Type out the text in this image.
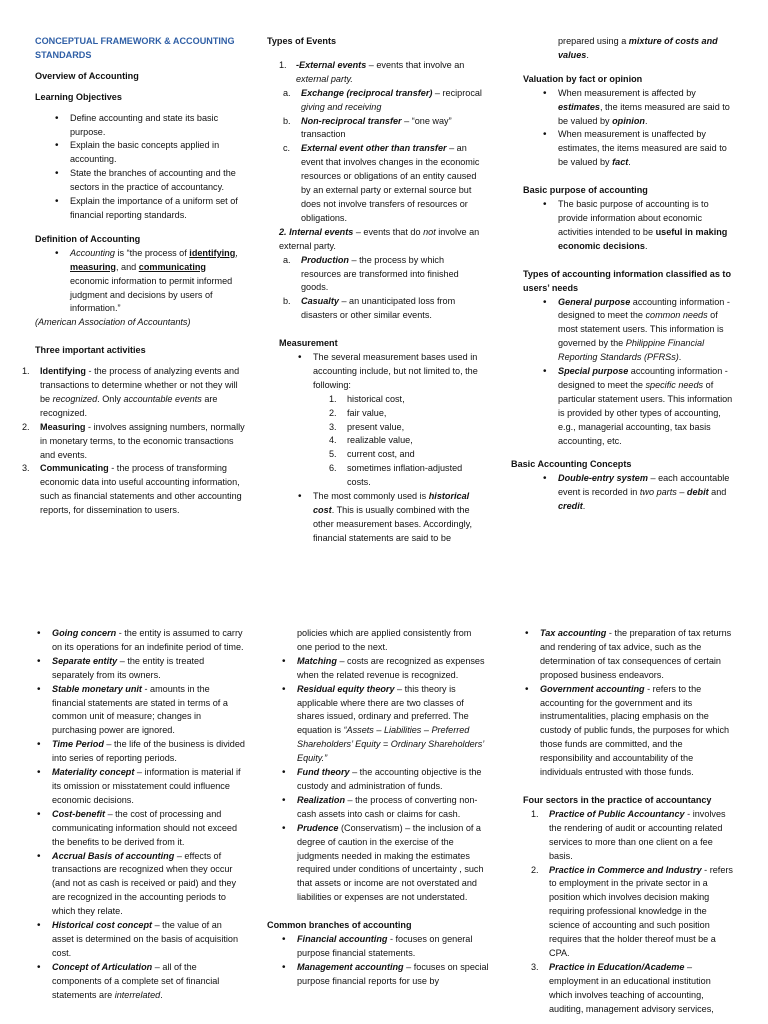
CONCEPTUAL FRAMEWORK & ACCOUNTING
STANDARDS
Overview of Accounting
Learning Objectives
• Define accounting and state its basic purpose.
• Explain the basic concepts applied in accounting.
• State the branches of accounting and the sectors in the practice of accountancy.
• Explain the importance of a uniform set of financial reporting standards.
Definition of Accounting
• Accounting is “the process of identifying, measuring, and communicating economic information to permit informed judgment and decisions by users of information.”
(American Association of Accountants)
Three important activities
1. Identifying - the process of analyzing events and transactions to determine whether or not they will be recognized. Only accountable events are recognized.
2. Measuring - involves assigning numbers, normally in monetary terms, to the economic transactions and events.
3. Communicating - the process of transforming economic data into useful accounting information, such as financial statements and other accounting reports, for dissemination to users.
Types of Events
1. -External events – events that involve an external party.
a. Exchange (reciprocal transfer) – reciprocal giving and receiving
b. Non-reciprocal transfer – “one way” transaction
c. External event other than transfer – an event that involves changes in the economic resources or obligations of an entity caused by an external party or external source but does not involve transfers of resources or obligations.
2. Internal events – events that do not involve an external party.
a. Production – the process by which resources are transformed into finished goods.
b. Casualty – an unanticipated loss from disasters or other similar events.
Measurement
• The several measurement bases used in accounting include, but not limited to, the following:
1. historical cost,
2. fair value,
3. present value,
4. realizable value,
5. current cost, and
6. sometimes inflation-adjusted costs.
• The most commonly used is historical cost. This is usually combined with the other measurement bases. Accordingly, financial statements are said to be
prepared using a mixture of costs and values.
Valuation by fact or opinion
• When measurement is affected by estimates, the items measured are said to be valued by opinion.
• When measurement is unaffected by estimates, the items measured are said to be valued by fact.
Basic purpose of accounting
• The basic purpose of accounting is to provide information about economic activities intended to be useful in making economic decisions.
Types of accounting information classified as to users’ needs
• General purpose accounting information - designed to meet the common needs of most statement users. This information is governed by the Philippine Financial Reporting Standards (PFRSs).
• Special purpose accounting information - designed to meet the specific needs of particular statement users. This information is provided by other types of accounting, e.g., managerial accounting, tax basis accounting, etc.
Basic Accounting Concepts
• Double-entry system – each accountable event is recorded in two parts – debit and credit.
• Going concern - the entity is assumed to carry on its operations for an indefinite period of time.
• Separate entity – the entity is treated separately from its owners.
• Stable monetary unit - amounts in the financial statements are stated in terms of a common unit of measure; changes in purchasing power are ignored.
• Time Period – the life of the business is divided into series of reporting periods.
• Materiality concept – information is material if its omission or misstatement could influence economic decisions.
• Cost-benefit – the cost of processing and communicating information should not exceed the benefits to be derived from it.
• Accrual Basis of accounting – effects of transactions are recognized when they occur (and not as cash is received or paid) and they are recognized in the accounting periods to which they relate.
• Historical cost concept – the value of an asset is determined on the basis of acquisition cost.
• Concept of Articulation – all of the components of a complete set of financial statements are interrelated.
policies which are applied consistently from one period to the next.
• Matching – costs are recognized as expenses when the related revenue is recognized.
• Residual equity theory – this theory is applicable where there are two classes of shares issued, ordinary and preferred. The equation is “Assets – Liabilities – Preferred Shareholders’ Equity = Ordinary Shareholders’ Equity.”
• Fund theory – the accounting objective is the custody and administration of funds.
• Realization – the process of converting non-cash assets into cash or claims for cash.
• Prudence (Conservatism) – the inclusion of a degree of caution in the exercise of the judgments needed in making the estimates required under conditions of uncertainty , such that assets or income are not overstated and liabilities or expenses are not understated.
Common branches of accounting
• Financial accounting - focuses on general purpose financial statements.
• Management accounting – focuses on special purpose financial reports for use by
• Tax accounting - the preparation of tax returns and rendering of tax advice, such as the determination of tax consequences of certain proposed business endeavors.
• Government accounting - refers to the accounting for the government and its instrumentalities, placing emphasis on the custody of public funds, the purposes for which those funds are committed, and the responsibility and accountability of the individuals entrusted with those funds.
Four sectors in the practice of accountancy
1. Practice of Public Accountancy - involves the rendering of audit or accounting related services to more than one client on a fee basis.
2. Practice in Commerce and Industry - refers to employment in the private sector in a position which involves decision making requiring professional knowledge in the science of accounting and such position requires that the holder thereof must be a CPA.
3. Practice in Education/Academe – employment in an educational institution which involves teaching of accounting, auditing, management advisory services,
